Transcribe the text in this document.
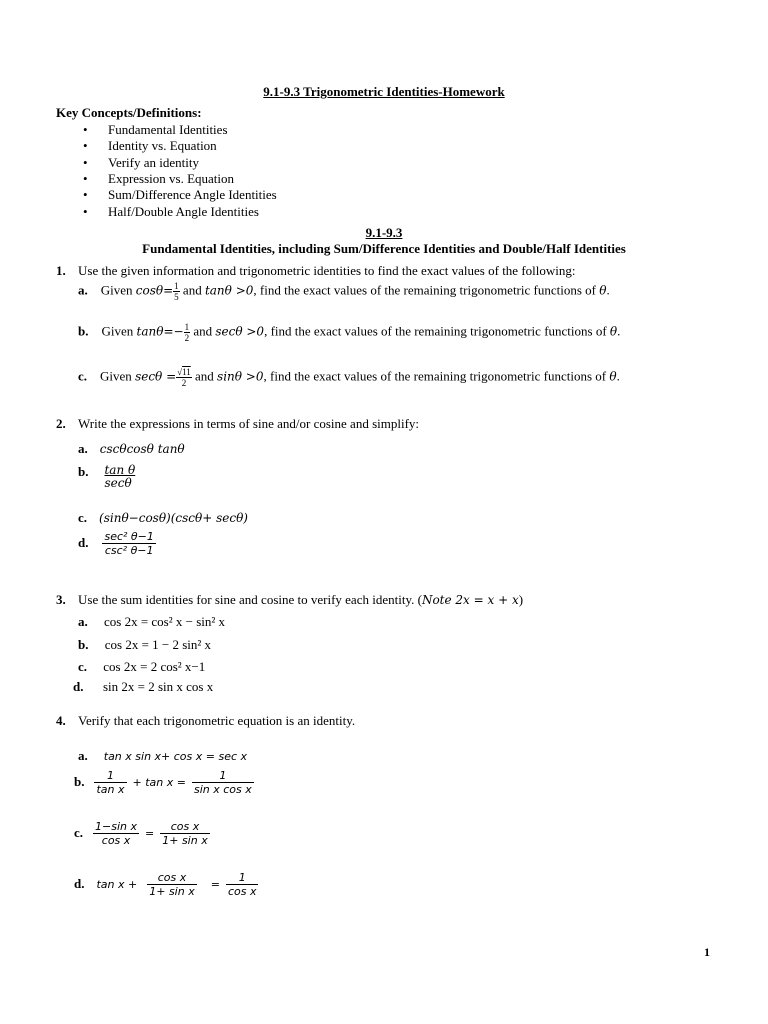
9.1-9.3 Trigonometric Identities-Homework
Key Concepts/Definitions:
• Fundamental Identities
• Identity vs. Equation
• Verify an identity
• Expression vs. Equation
• Sum/Difference Angle Identities
• Half/Double Angle Identities
9.1-9.3
Fundamental Identities, including Sum/Difference Identities and Double/Half Identities
1. Use the given information and trigonometric identities to find the exact values of the following:
a. Given $\cos\theta= \frac{1}{5}$ and tanθ >0, find the exact values of the remaining trigonometric functions of θ.
b. Given $\tan\theta=- \frac{1}{2}$ and secθ >0, find the exact values of the remaining trigonometric functions of θ.
c. Given $\sec\theta = \frac{√11}{2}$ and sinθ >0, find the exact values of the remaining trigonometric functions of θ.
2. Write the expressions in terms of sine and/or cosine and simplify:
a. cscθcosθ tanθ
$^{b.} \frac{\text{tan θ}}{\sec\theta}$
c. (sinθ−cosθ)(cscθ+ secθ)
d. $\frac{\text{sec² θ−1}}{\text{csc² θ−1}}$
3. Use the sum identities for sine and cosine to verify each identity. (Note 2x = x + x)
a. cos 2x = cos² x − sin² x
b. cos 2x = 1 − 2 sin² x
c. cos 2x = 2 cos² x−1
d. sin 2x = 2 sin x cos x
4. Verify that each trigonometric equation is an identity.
a. tan x sin x+ cos x = sec x
b. $\frac{1}{\text{tan x}} + \tan x = \frac{1}{\text{sin x cos x}}$
c. $\frac{\text{1−sin x}}{\text{cos x}} = \frac{\text{cos x}}{\text{1+ sin x}}$
d. $\tan x + \frac{\text{cos x}}{\text{1+ sin x}} = \frac{1}{\text{cos x}}$
1
